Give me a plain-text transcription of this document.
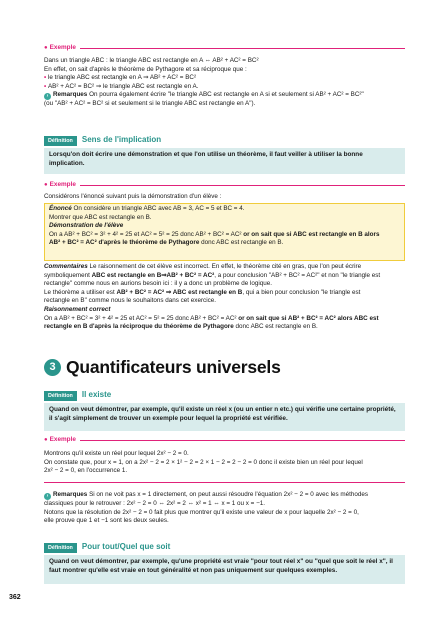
● Exemple

Dans un triangle ABC : le triangle ABC est rectangle en A ⇔ AB² + AC² = BC²

En effet, on sait d'après le théorème de Pythagore et sa réciproque que :

• le triangle ABC est rectangle en A ⇒ AB² + AC² = BC²

• AB² + AC² = BC² ⇒ le triangle ABC est rectangle en A.

› Remarques On pourra également écrire "le triangle ABC est rectangle en A si et seulement si AB² + AC² = BC²"

(ou "AB² + AC² = BC² si et seulement si le triangle ABC est rectangle en A").

Définition	Sens de l'implication

Lorsqu'on doit écrire une démonstration et que l'on utilise un théorème, il faut veiller à utiliser la bonne implication.

● Exemple

Considérons l'énoncé suivant puis la démonstration d'un élève :

Énoncé On considère un triangle ABC avec AB = 3, AC = 5 et BC = 4.

Montrer que ABC est rectangle en B.

Démonstration de l'élève

On a AB² + BC² = 3² + 4² = 25 et AC² = 5² = 25 donc AB² + BC² = AC² or on sait que si ABC est rectangle en B alors

AB² + BC² = AC² d'après le théorème de Pythagore donc ABC est rectangle en B.

Commentaires Le raisonnement de cet élève est incorrect. En effet, le théorème cité en gras, que l'on peut écrire

symboliquement ABC est rectangle en B⇒AB² + BC² = AC², a pour conclusion "AB² + BC² = AC²" et non "le triangle est

rectangle" comme nous en aurions besoin ici : il y a donc un problème de logique.

Le théorème a utiliser est AB² + BC² = AC² ⇒ ABC est rectangle en B, qui a bien pour conclusion "le triangle est

rectangle en B" comme nous le souhaitons dans cet exercice.

Raisonnement correct

On a AB² + BC² = 3² + 4² = 25 et AC² = 5² = 25 donc AB² + BC² = AC² or on sait que si AB² + BC² = AC² alors ABC est

rectangle en B d'après la réciproque du théorème de Pythagore donc ABC est rectangle en B.

3 Quantificateurs universels
Définition	Il existe

Quand on veut démontrer, par exemple, qu'il existe un réel x (ou un entier n etc.) qui vérifie une certaine propriété, il s'agit simplement de trouver un exemple pour lequel la propriété est vérifiée.

● Exemple

Montrons qu'il existe un réel pour lequel 2x² − 2 = 0.

On constate que, pour x = 1, on a 2x² − 2 = 2 × 1² − 2 = 2 × 1 − 2 = 2 − 2 = 0 donc il existe bien un réel pour lequel

2x² − 2 = 0, en l'occurrence 1.

› Remarques Si on ne voit pas x = 1 directement, on peut aussi résoudre l'équation 2x² − 2 = 0 avec les méthodes

classiques pour le retrouver : 2x² − 2 = 0 ⇔ 2x² = 2 ⇔ x² = 1 ⇔ x = 1 ou x = −1.

Notons que la résolution de 2x² − 2 = 0 fait plus que montrer qu'il existe une valeur de x pour laquelle 2x² − 2 = 0,

elle prouve que 1 et −1 sont les deux seules.

Définition	Pour tout/Quel que soit

Quand on veut démontrer, par exemple, qu'une propriété est vraie "pour tout réel x" ou "quel que soit le réel x", il faut montrer qu'elle est vraie en tout généralité et non pas uniquement sur quelques exemples.

362
